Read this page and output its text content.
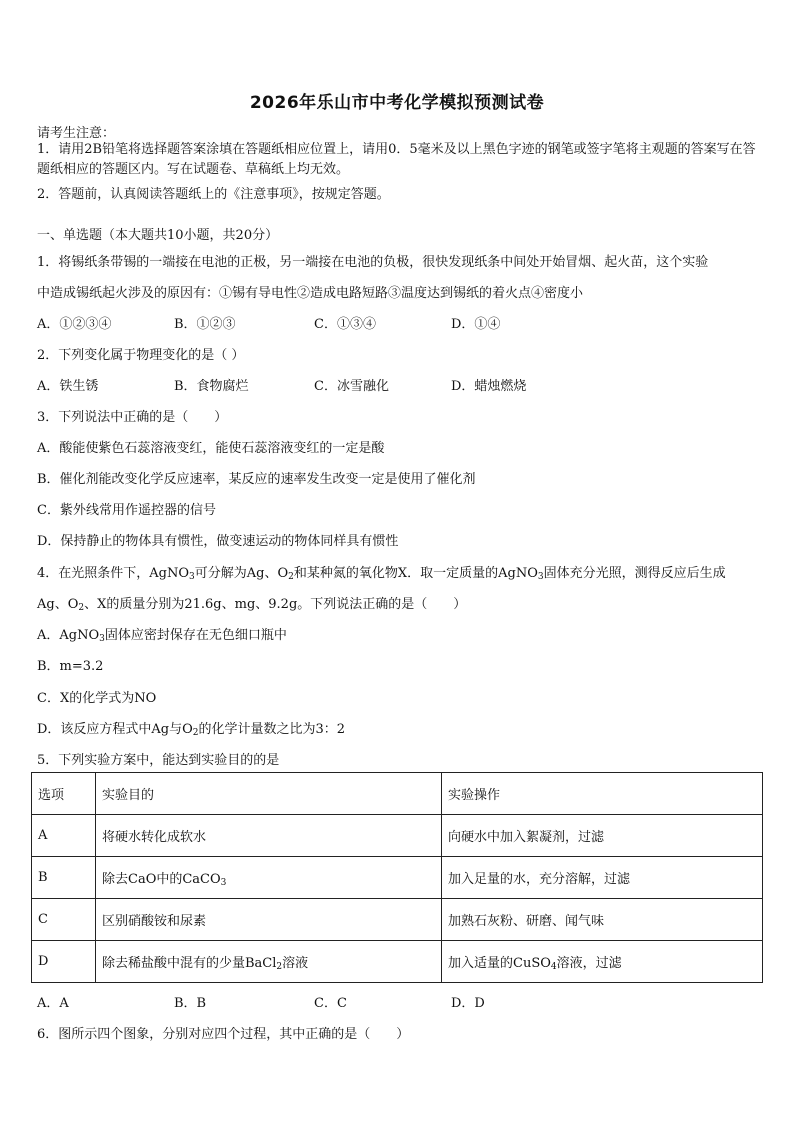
2026年乐山市中考化学模拟预测试卷
请考生注意：
1．请用2B铅笔将选择题答案涂填在答题纸相应位置上，请用0．5毫米及以上黑色字迹的钢笔或签字笔将主观题的答案写在答题纸相应的答题区内。写在试题卷、草稿纸上均无效。
2．答题前，认真阅读答题纸上的《注意事项》，按规定答题。
一、单选题（本大题共10小题，共20分）
1．将锡纸条带锡的一端接在电池的正极，另一端接在电池的负极，很快发现纸条中间处开始冒烟、起火苗，这个实验
中造成锡纸起火涉及的原因有：①锡有导电性②造成电路短路③温度达到锡纸的着火点④密度小
A．①②③④	B．①②③	C．①③④	D．①④
2．下列变化属于物理变化的是（ ）
A．铁生锈	B．食物腐烂	C．冰雪融化	D．蜡烛燃烧
3．下列说法中正确的是（　　）
A．酸能使紫色石蕊溶液变红，能使石蕊溶液变红的一定是酸
B．催化剂能改变化学反应速率，某反应的速率发生改变一定是使用了催化剂
C．紫外线常用作遥控器的信号
D．保持静止的物体具有惯性，做变速运动的物体同样具有惯性
4．在光照条件下，AgNO$_3$可分解为Ag、$O_2$和某种氮的氧化物X．取一定质量的AgNO$_3$固体充分光照，测得反应后生成
Ag、$O_2$、X的质量分别为21.6g、mg、9.2g。下列说法正确的是（　　）
A．AgNO$_3$固体应密封保存在无色细口瓶中
B．m=3.2
C．X的化学式为NO
D．该反应方程式中Ag与$O_2$的化学计量数之比为3：2
5．下列实验方案中，能达到实验目的的是
选项	实验目的	实验操作
A	将硬水转化成软水	向硬水中加入絮凝剂，过滤
B	除去CaO中的CaCO$_3$	加入足量的水，充分溶解，过滤
C	区别硝酸铵和尿素	加熟石灰粉、研磨、闻气味
D	除去稀盐酸中混有的少量BaCl$_2$溶液	加入适量的CuSO$_4$溶液，过滤
A．A	B．B	C．C	D．D
6．图所示四个图象，分别对应四个过程，其中正确的是（　　）
